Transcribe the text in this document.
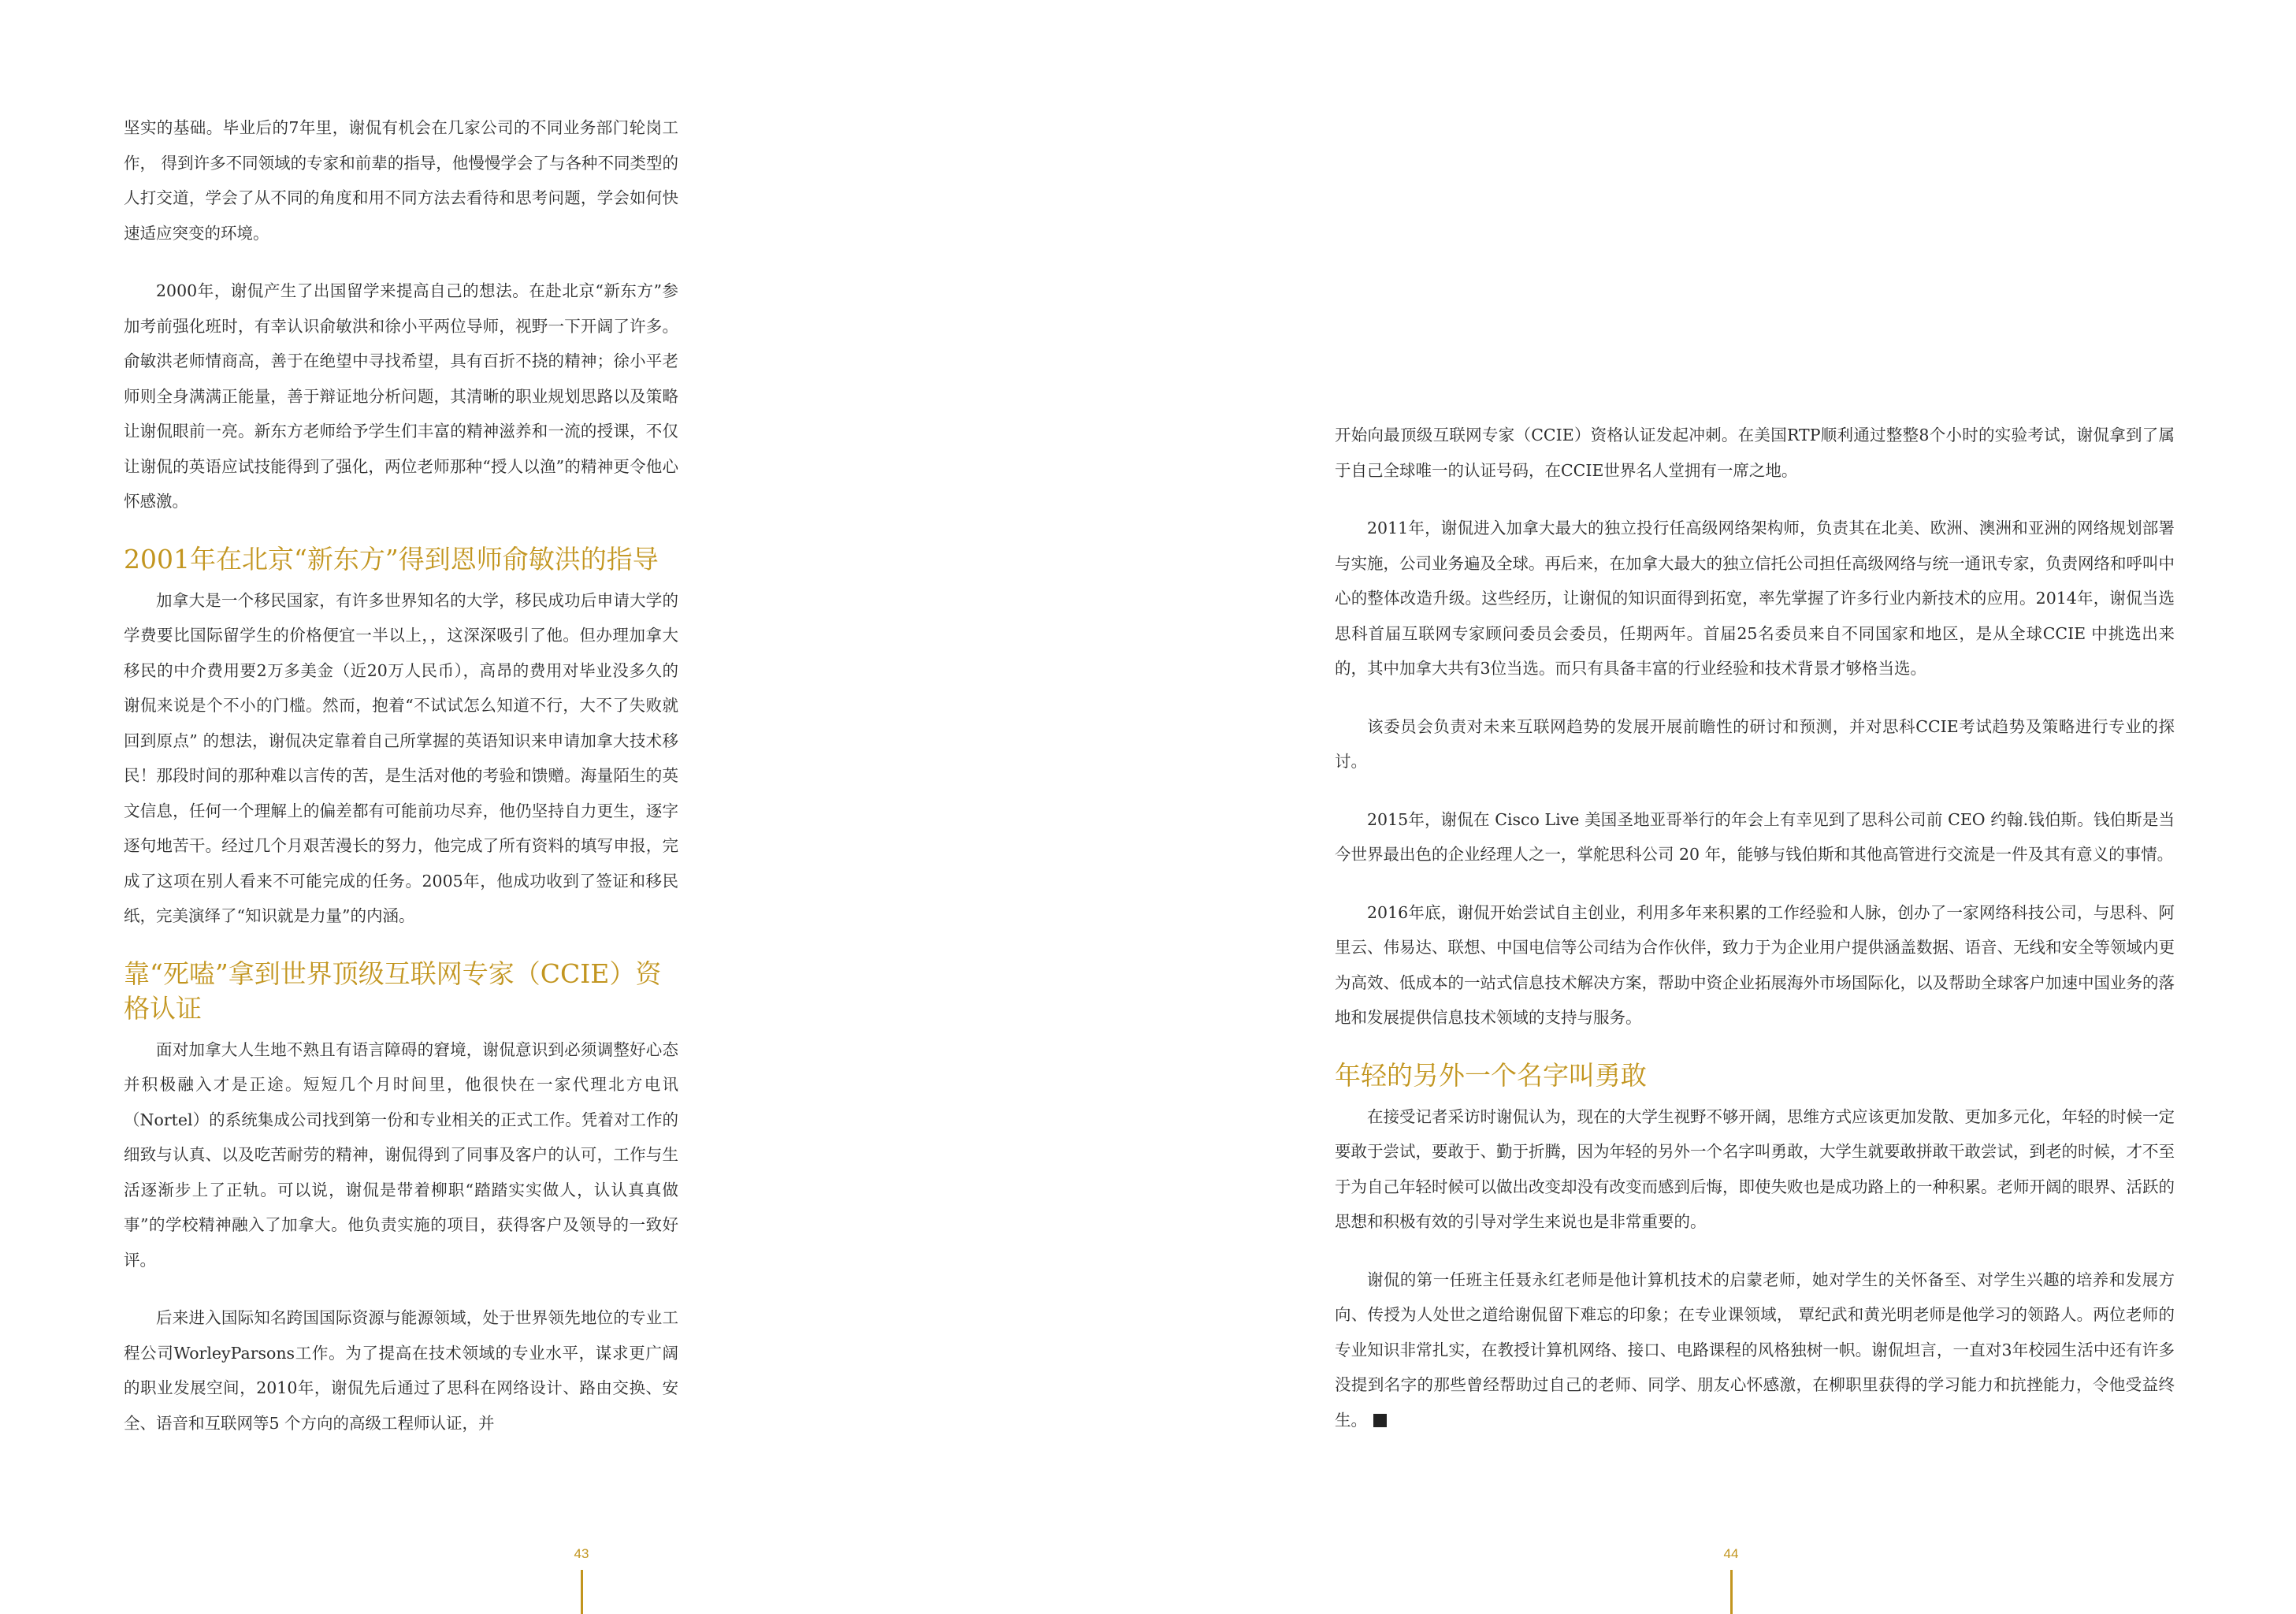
坚实的基础。毕业后的7年里，谢侃有机会在几家公司的不同业务部门轮岗工作， 得到许多不同领域的专家和前辈的指导，他慢慢学会了与各种不同类型的人打交道，学会了从不同的角度和用不同方法去看待和思考问题，学会如何快速适应突变的环境。

2000年，谢侃产生了出国留学来提高自己的想法。在赴北京“新东方”参加考前强化班时，有幸认识俞敏洪和徐小平两位导师，视野一下开阔了许多。俞敏洪老师情商高，善于在绝望中寻找希望，具有百折不挠的精神；徐小平老师则全身满满正能量，善于辩证地分析问题，其清晰的职业规划思路以及策略让谢侃眼前一亮。新东方老师给予学生们丰富的精神滋养和一流的授课，不仅让谢侃的英语应试技能得到了强化，两位老师那种“授人以渔”的精神更令他心怀感激。

2001年在北京“新东方”得到恩师俞敏洪的指导

加拿大是一个移民国家，有许多世界知名的大学，移民成功后申请大学的学费要比国际留学生的价格便宜一半以上，，这深深吸引了他。但办理加拿大移民的中介费用要2万多美金（近20万人民币），高昂的费用对毕业没多久的谢侃来说是个不小的门槛。然而，抱着“不试试怎么知道不行，大不了失败就回到原点” 的想法，谢侃决定靠着自己所掌握的英语知识来申请加拿大技术移民！那段时间的那种难以言传的苦，是生活对他的考验和馈赠。海量陌生的英文信息，任何一个理解上的偏差都有可能前功尽弃，他仍坚持自力更生，逐字逐句地苦干。经过几个月艰苦漫长的努力，他完成了所有资料的填写申报，完成了这项在别人看来不可能完成的任务。2005年，他成功收到了签证和移民纸，完美演绎了“知识就是力量”的内涵。

靠“死嗑”拿到世界顶级互联网专家（CCIE）资格认证

面对加拿大人生地不熟且有语言障碍的窘境，谢侃意识到必须调整好心态并积极融入才是正途。短短几个月时间里，他很快在一家代理北方电讯（Nortel）的系统集成公司找到第一份和专业相关的正式工作。凭着对工作的细致与认真、以及吃苦耐劳的精神，谢侃得到了同事及客户的认可，工作与生活逐渐步上了正轨。可以说，谢侃是带着柳职“踏踏实实做人，认认真真做事”的学校精神融入了加拿大。他负责实施的项目，获得客户及领导的一致好评。

后来进入国际知名跨国国际资源与能源领域，处于世界领先地位的专业工程公司WorleyParsons工作。为了提高在技术领域的专业水平，谋求更广阔的职业发展空间，2010年，谢侃先后通过了思科在网络设计、路由交换、安全、语音和互联网等5 个方向的高级工程师认证，并

开始向最顶级互联网专家（CCIE）资格认证发起冲刺。在美国RTP顺利通过整整8个小时的实验考试，谢侃拿到了属于自己全球唯一的认证号码，在CCIE世界名人堂拥有一席之地。

2011年，谢侃进入加拿大最大的独立投行任高级网络架构师，负责其在北美、欧洲、澳洲和亚洲的网络规划部署与实施，公司业务遍及全球。再后来，在加拿大最大的独立信托公司担任高级网络与统一通讯专家，负责网络和呼叫中心的整体改造升级。这些经历，让谢侃的知识面得到拓宽，率先掌握了许多行业内新技术的应用。2014年，谢侃当选思科首届互联网专家顾问委员会委员，任期两年。首届25名委员来自不同国家和地区，是从全球CCIE 中挑选出来的，其中加拿大共有3位当选。而只有具备丰富的行业经验和技术背景才够格当选。

该委员会负责对未来互联网趋势的发展开展前瞻性的研讨和预测，并对思科CCIE考试趋势及策略进行专业的探讨。

2015年，谢侃在 Cisco Live 美国圣地亚哥举行的年会上有幸见到了思科公司前 CEO 约翰.钱伯斯。钱伯斯是当今世界最出色的企业经理人之一，掌舵思科公司 20 年，能够与钱伯斯和其他高管进行交流是一件及其有意义的事情。

2016年底，谢侃开始尝试自主创业，利用多年来积累的工作经验和人脉，创办了一家网络科技公司，与思科、阿里云、伟易达、联想、中国电信等公司结为合作伙伴，致力于为企业用户提供涵盖数据、语音、无线和安全等领域内更为高效、低成本的一站式信息技术解决方案，帮助中资企业拓展海外市场国际化，以及帮助全球客户加速中国业务的落地和发展提供信息技术领域的支持与服务。

年轻的另外一个名字叫勇敢

在接受记者采访时谢侃认为，现在的大学生视野不够开阔，思维方式应该更加发散、更加多元化，年轻的时候一定要敢于尝试，要敢于、勤于折腾，因为年轻的另外一个名字叫勇敢，大学生就要敢拼敢干敢尝试，到老的时候，才不至于为自己年轻时候可以做出改变却没有改变而感到后悔，即使失败也是成功路上的一种积累。老师开阔的眼界、活跃的思想和积极有效的引导对学生来说也是非常重要的。

谢侃的第一任班主任聂永红老师是他计算机技术的启蒙老师，她对学生的关怀备至、对学生兴趣的培养和发展方向、传授为人处世之道给谢侃留下难忘的印象；在专业课领域， 覃纪武和黄光明老师是他学习的领路人。两位老师的专业知识非常扎实，在教授计算机网络、接口、电路课程的风格独树一帜。谢侃坦言，一直对3年校园生活中还有许多没提到名字的那些曾经帮助过自己的老师、同学、朋友心怀感激，在柳职里获得的学习能力和抗挫能力，令他受益终生。

43	44
